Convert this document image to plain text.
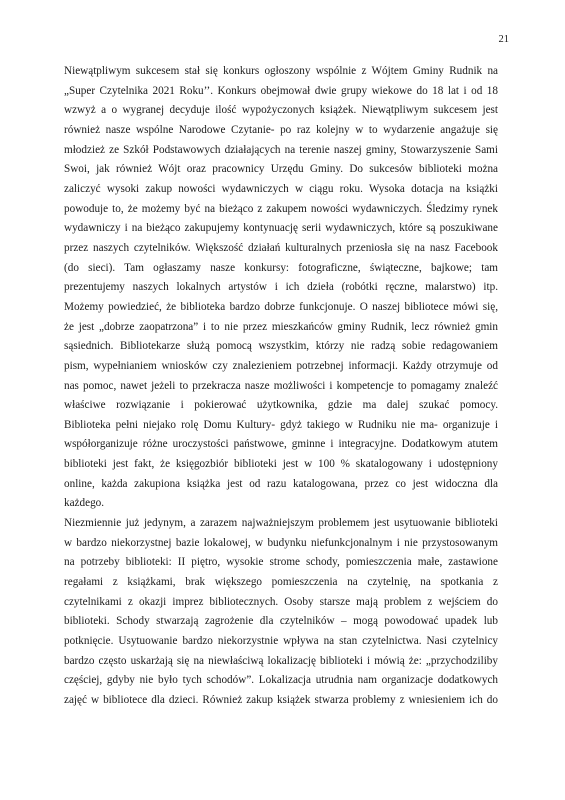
21
Niewątpliwym sukcesem stał się konkurs ogłoszony wspólnie z Wójtem Gminy Rudnik na
„Super Czytelnika 2021 Roku’’. Konkurs obejmował dwie grupy wiekowe do 18 lat i od 18
wzwyż a o wygranej decyduje ilość wypożyczonych książek. Niewątpliwym sukcesem jest
również nasze wspólne Narodowe Czytanie- po raz kolejny w to wydarzenie angażuje się
młodzież ze Szkół Podstawowych działających na terenie naszej gminy, Stowarzyszenie Sami
Swoi, jak również Wójt oraz pracownicy Urzędu Gminy. Do sukcesów biblioteki można
zaliczyć wysoki zakup nowości wydawniczych w ciągu roku. Wysoka dotacja na książki
powoduje to, że możemy być na bieżąco z zakupem nowości wydawniczych. Śledzimy rynek
wydawniczy i na bieżąco zakupujemy kontynuację serii wydawniczych, które są poszukiwane
przez naszych czytelników. Większość działań kulturalnych przeniosła się na nasz Facebook
(do sieci). Tam ogłaszamy nasze konkursy: fotograficzne, świąteczne, bajkowe; tam
prezentujemy naszych lokalnych artystów i ich dzieła (robótki ręczne, malarstwo) itp.
Możemy powiedzieć, że biblioteka bardzo dobrze funkcjonuje. O naszej bibliotece mówi się,
że jest „dobrze zaopatrzona” i to nie przez mieszkańców gminy Rudnik, lecz również gmin
sąsiednich. Bibliotekarze służą pomocą wszystkim, którzy nie radzą sobie redagowaniem
pism, wypełnianiem wniosków czy znalezieniem potrzebnej informacji. Każdy otrzymuje od
nas pomoc, nawet jeżeli to przekracza nasze możliwości i kompetencje to pomagamy znaleźć
właściwe rozwiązanie i pokierować użytkownika, gdzie ma dalej szukać pomocy.
Biblioteka pełni niejako rolę Domu Kultury- gdyż takiego w Rudniku nie ma- organizuje i
współorganizuje różne uroczystości państwowe, gminne i integracyjne. Dodatkowym atutem
biblioteki jest fakt, że księgozbiór biblioteki jest w 100 % skatalogowany i udostępniony
online, każda zakupiona książka jest od razu katalogowana, przez co jest widoczna dla
każdego.
Niezmiennie już jedynym, a zarazem najważniejszym problemem jest usytuowanie biblioteki
w bardzo niekorzystnej bazie lokalowej, w budynku niefunkcjonalnym i nie przystosowanym
na potrzeby biblioteki: II piętro, wysokie strome schody, pomieszczenia małe, zastawione
regałami z książkami, brak większego pomieszczenia na czytelnię, na spotkania z
czytelnikami z okazji imprez bibliotecznych. Osoby starsze mają problem z wejściem do
biblioteki. Schody stwarzają zagrożenie dla czytelników – mogą powodować upadek lub
potknięcie. Usytuowanie bardzo niekorzystnie wpływa na stan czytelnictwa. Nasi czytelnicy
bardzo często uskarżają się na niewłaściwą lokalizację biblioteki i mówią że: „przychodziliby
częściej, gdyby nie było tych schodów”. Lokalizacja utrudnia nam organizacje dodatkowych
zajęć w bibliotece dla dzieci. Również zakup książek stwarza problemy z wniesieniem ich do
